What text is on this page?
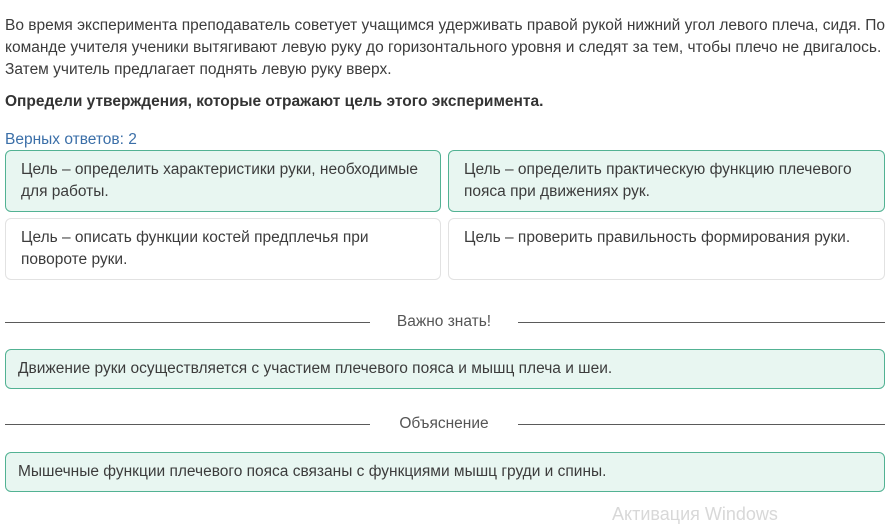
Во время эксперимента преподаватель советует учащимся удерживать правой рукой нижний угол левого плеча, сидя. По команде учителя ученики вытягивают левую руку до горизонтального уровня и следят за тем, чтобы плечо не двигалось. Затем учитель предлагает поднять левую руку вверх.

Определи утверждения, которые отражают цель этого эксперимента.

Верных ответов: 2
Цель – определить характеристики руки, необходимые для работы.
Цель – определить практическую функцию плечевого пояса при движениях рук.
Цель – описать функции костей предплечья при повороте руки.
Цель – проверить правильность формирования руки.
Важно знать!
Движение руки осуществляется с участием плечевого пояса и мышц плеча и шеи.
Объяснение
Мышечные функции плечевого пояса связаны с функциями мышц груди и спины.
Активация Windows
